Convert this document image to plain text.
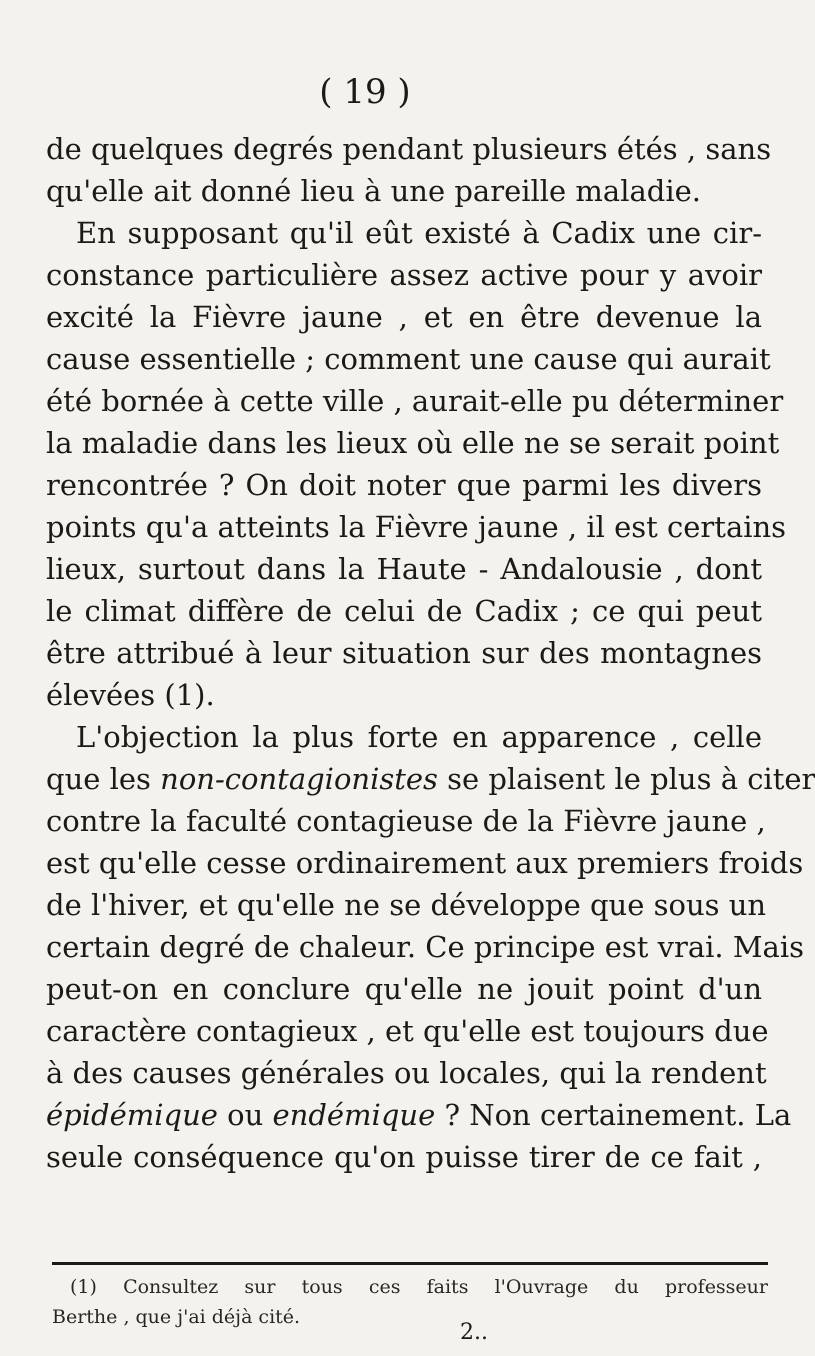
( 19 )

de quelques degrés pendant plusieurs étés , sans
qu'elle ait donné lieu à une pareille maladie.

En supposant qu'il eût existé à Cadix une cir-
constance particulière assez active pour y avoir
excité la Fièvre jaune , et en être devenue la
cause essentielle ; comment une cause qui aurait
été bornée à cette ville , aurait-elle pu déterminer
la maladie dans les lieux où elle ne se serait point
rencontrée ? On doit noter que parmi les divers
points qu'a atteints la Fièvre jaune , il est certains
lieux, surtout dans la Haute - Andalousie , dont
le climat diffère de celui de Cadix ; ce qui peut
être attribué à leur situation sur des montagnes
élevées (1).

L'objection la plus forte en apparence , celle
que les non-contagionistes se plaisent le plus à citer
contre la faculté contagieuse de la Fièvre jaune ,
est qu'elle cesse ordinairement aux premiers froids
de l'hiver, et qu'elle ne se développe que sous un
certain degré de chaleur. Ce principe est vrai. Mais
peut-on en conclure qu'elle ne jouit point d'un
caractère contagieux , et qu'elle est toujours due
à des causes générales ou locales, qui la rendent
épidémique ou endémique ? Non certainement. La
seule conséquence qu'on puisse tirer de ce fait ,

(1) Consultez sur tous ces faits l'Ouvrage du professeur
Berthe , que j'ai déjà cité.

2..
